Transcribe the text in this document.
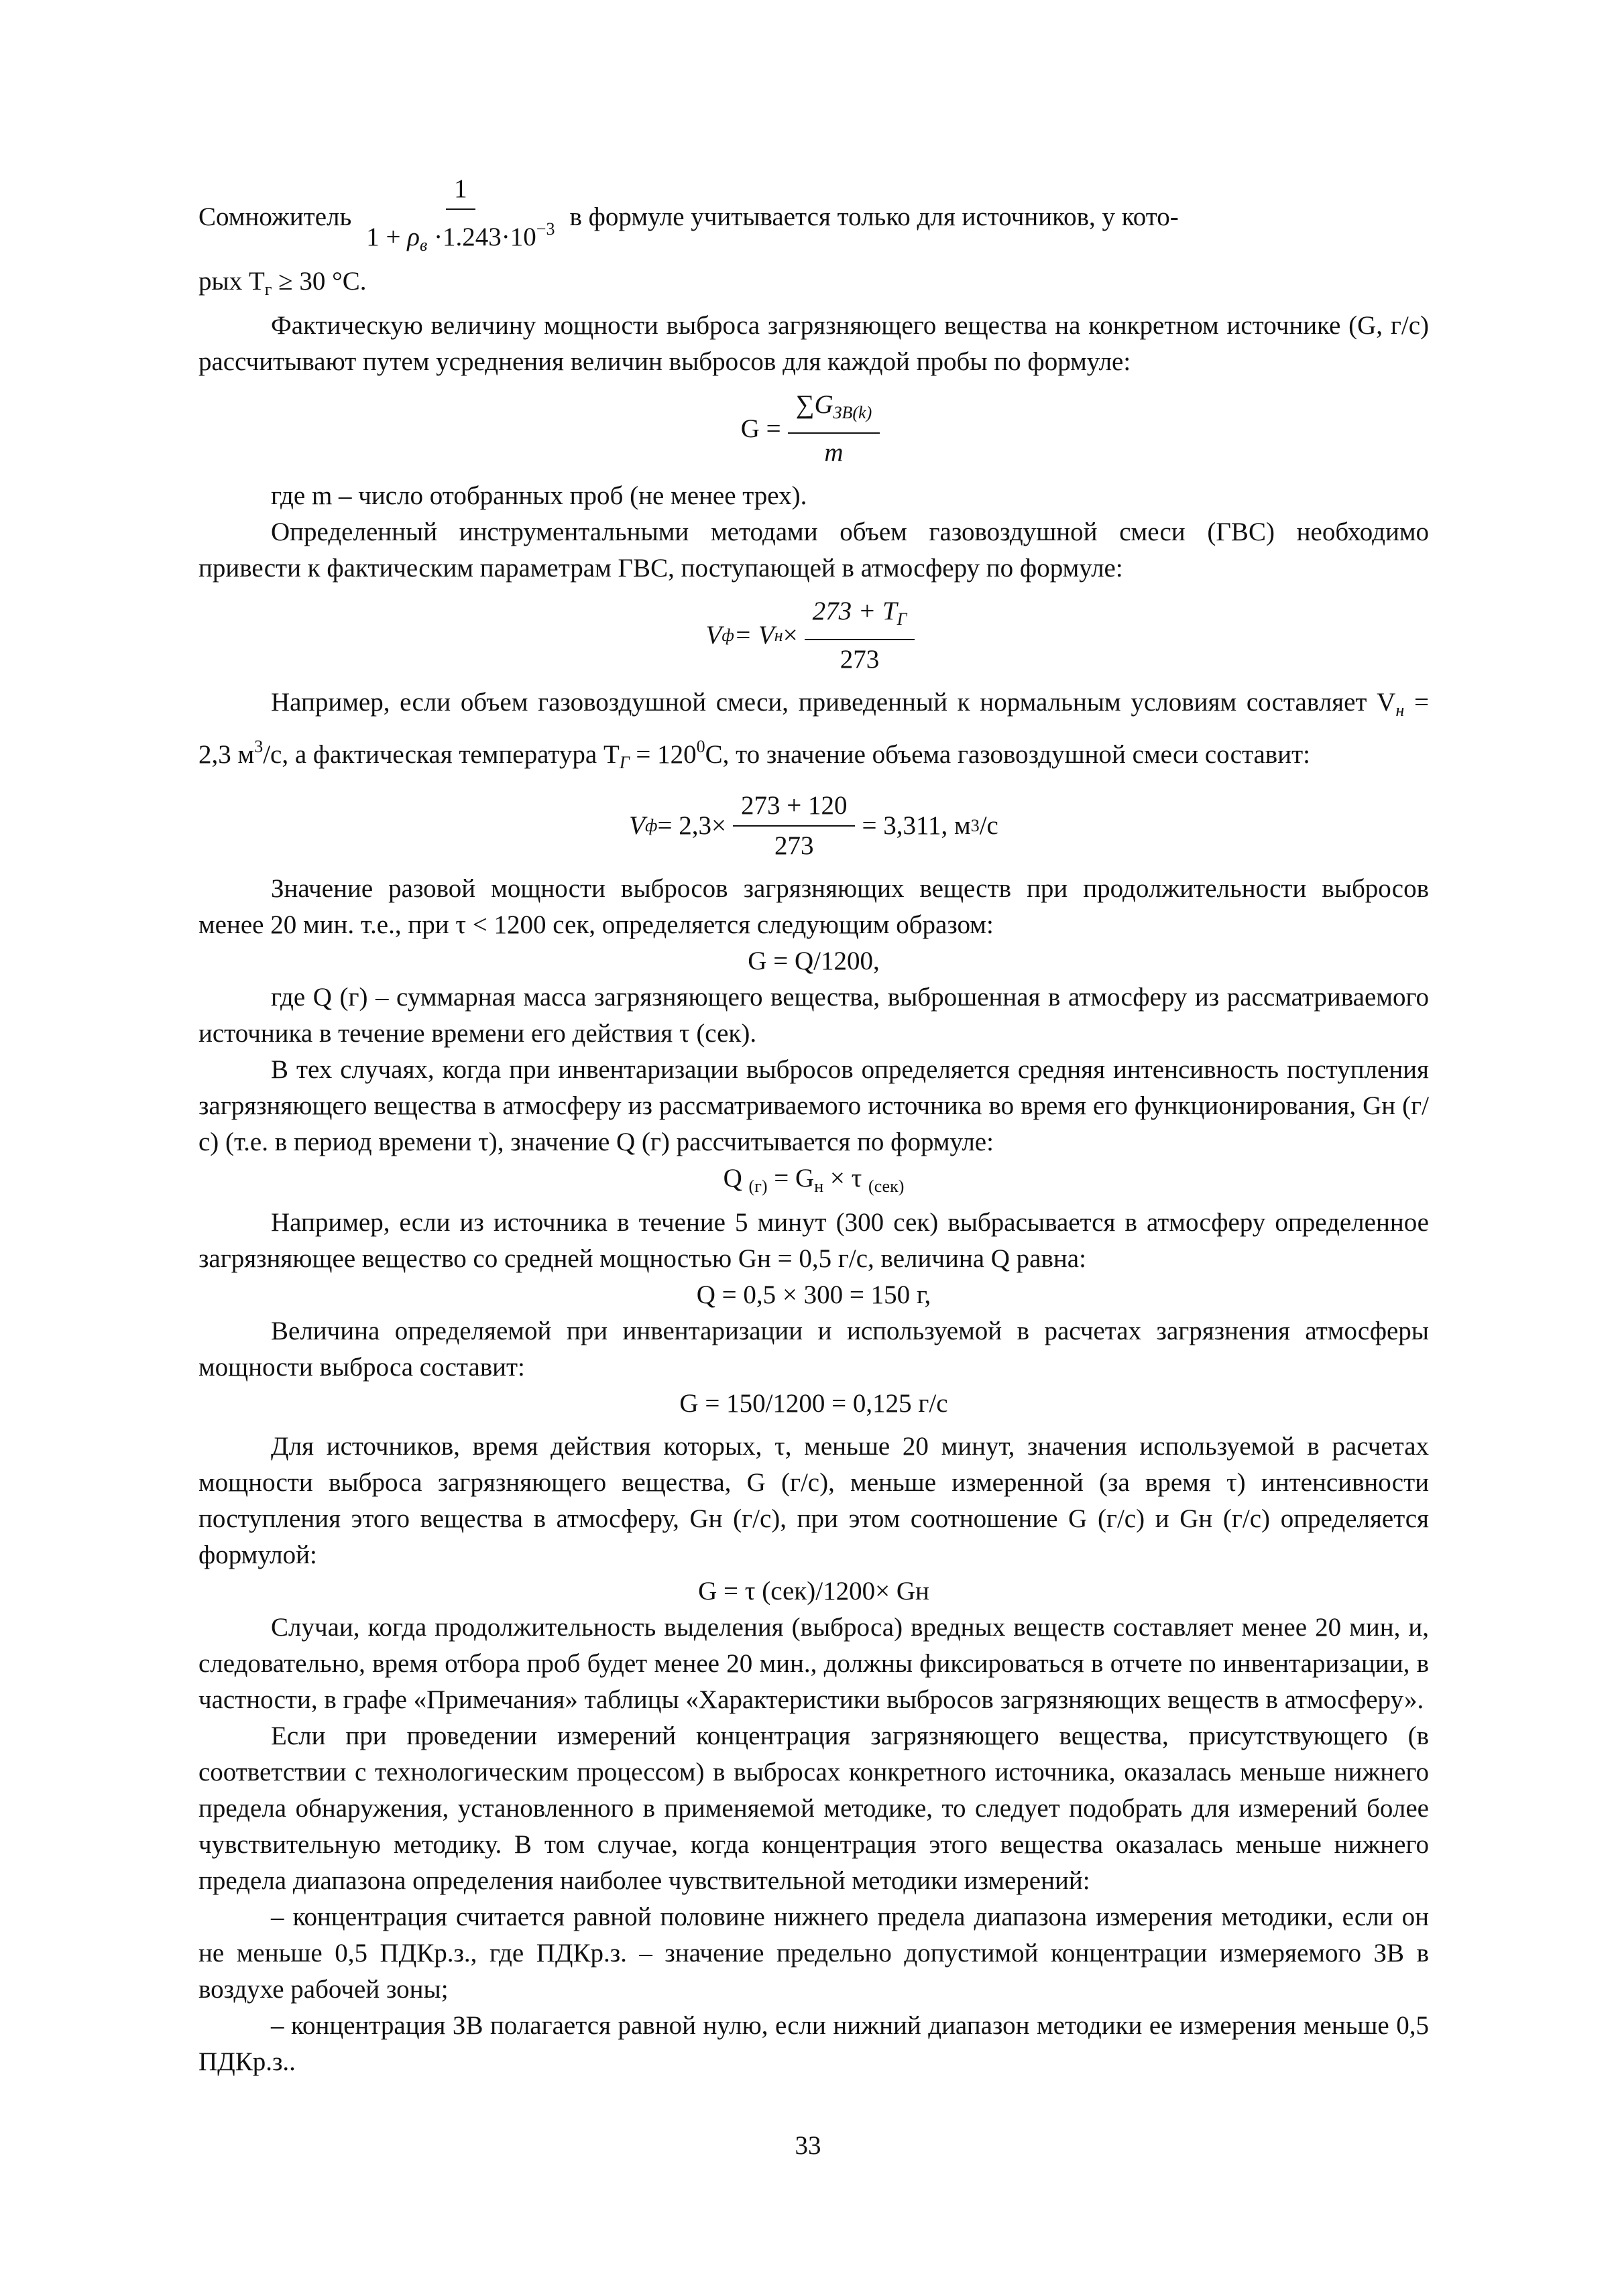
Сомножитель $\frac{1}{1 + \rho_в \cdot 1.243\cdot 10^{-3}}$ в формуле учитывается только для источников, у кото-

рых $Т_г \ge 30$ °С.

Фактическую величину мощности выброса загрязняющего вещества на конкретном источнике (G, г/с) рассчитывают путем усреднения величин выбросов для каждой пробы по формуле:

$G = \frac{\sum G_{ЗВ(k)}}{m}$

где m – число отобранных проб (не менее трех).

Определенный инструментальными методами объем газовоздушной смеси (ГВС) необходимо привести к фактическим параметрам ГВС, поступающей в атмосферу по формуле:

V ф = V $н \times \frac{273 + T_Г}{273}$

Например, если объем газовоздушной смеси, приведенный к нормальным условиям составляет $V_н = 2,3$ $м^3/с$, а фактическая температура $T_Г = 120^0С$, то значение объема газовоздушной смеси составит:

V $ф = 2,3\times \frac{273 + 120}{273} = 3,311$, м 3 /с

Значение разовой мощности выбросов загрязняющих веществ при продолжительности выбросов менее 20 мин. т.е., при τ < 1200 сек, определяется следующим образом:

G = Q/1200,

где Q (г) – суммарная масса загрязняющего вещества, выброшенная в атмосферу из рассматриваемого источника в течение времени его действия τ (сек).

В тех случаях, когда при инвентаризации выбросов определяется средняя интенсивность поступления загрязняющего вещества в атмосферу из рассматриваемого источника во время его функционирования, Gн (г/с) (т.е. в период времени τ), значение Q (г) рассчитывается по формуле:

Q $_{(г)} = G_н \times \tau$ $_{(сек)}$

Например, если из источника в течение 5 минут (300 сек) выбрасывается в атмосферу определенное загрязняющее вещество со средней мощностью Gн = 0,5 г/с, величина Q равна:

Q = 0,5 × 300 = 150 г,

Величина определяемой при инвентаризации и используемой в расчетах загрязнения атмосферы мощности выброса составит:

G = 150/1200 = 0,125 г/с

Для источников, время действия которых, τ, меньше 20 минут, значения используемой в расчетах мощности выброса загрязняющего вещества, G (г/с), меньше измеренной (за время τ) интенсивности поступления этого вещества в атмосферу, Gн (г/с), при этом соотношение G (г/с) и Gн (г/с) определяется формулой:

G = τ (сек)/1200× Gн

Случаи, когда продолжительность выделения (выброса) вредных веществ составляет менее 20 мин, и, следовательно, время отбора проб будет менее 20 мин., должны фиксироваться в отчете по инвентаризации, в частности, в графе «Примечания» таблицы «Характеристики выбросов загрязняющих веществ в атмосферу».

Если при проведении измерений концентрация загрязняющего вещества, присутствующего (в соответствии с технологическим процессом) в выбросах конкретного источника, оказалась меньше нижнего предела обнаружения, установленного в применяемой методике, то следует подобрать для измерений более чувствительную методику. В том случае, когда концентрация этого вещества оказалась меньше нижнего предела диапазона определения наиболее чувствительной методики измерений:

– концентрация считается равной половине нижнего предела диапазона измерения методики, если он не меньше 0,5 ПДКр.з., где ПДКр.з. – значение предельно допустимой концентрации измеряемого ЗВ в воздухе рабочей зоны;

– концентрация ЗВ полагается равной нулю, если нижний диапазон методики ее измерения меньше 0,5 ПДКр.з..

33
